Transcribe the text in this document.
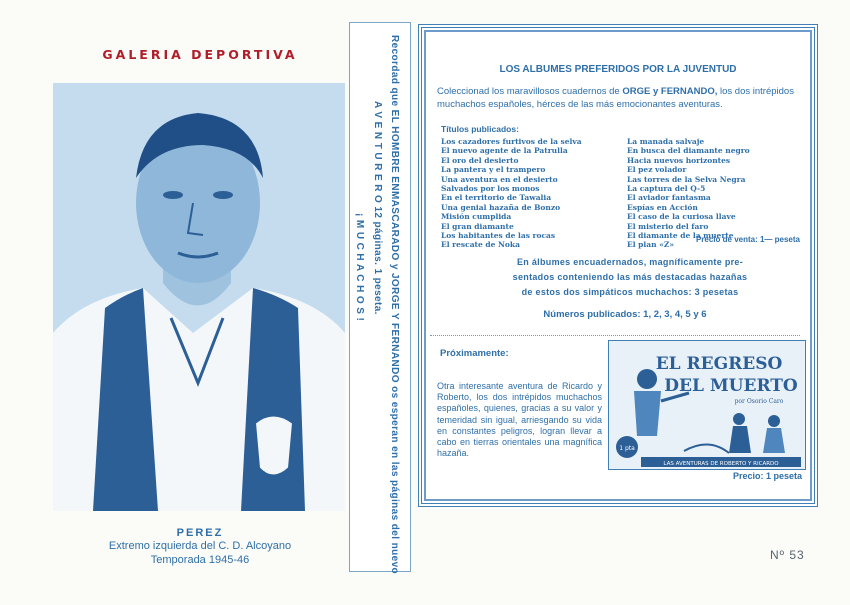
GALERIA DEPORTIVA
PEREZ
Extremo izquierda del C. D. Alcoyano
Temporada 1945-46	Recordad que EL HOMBRE ENMASCARADO y JORGE Y FERNANDO os esperan en las páginas del nuevo
A V E N T U R E R O 12 páginas. 1 peseta.
¡ M U C H A C H O S !
LOS ALBUMES PREFERIDOS POR LA JUVENTUD
Coleccionad los maravillosos cuadernos de ORGE y FERNANDO, los dos intrépidos muchachos españoles, hérces de las más emocionantes aventuras.
Títulos publicados:
Los cazadores furtivos de la selva
El nuevo agente de la Patrulla
El oro del desierto
La pantera y el trampero
Una aventura en el desierto
Salvados por los monos
En el territorio de Tawalia
Una genial hazaña de Bonzo
Misión cumplida
El gran diamante
Los habitantes de las rocas
El rescate de Noka
La manada salvaje
En busca del diamante negro
Hacia nuevos horizontes
El pez volador
Las torres de la Selva Negra
La captura del Q-5
El aviador fantasma
Espías en Acción
El caso de la curiosa llave
El misterio del faro
El diamante de la muerte
El plan «Z»
Precio de venta: 1— peseta
En álbumes encuadernados, magníficamente pre-
sentados conteniendo las más destacadas hazañas
de estos dos simpáticos muchachos: 3 pesetas
Números publicados: 1, 2, 3, 4, 5 y 6
Próximamente:
Otra interesante aventura de Ricardo y Roberto, los dos intrépidos muchachos españoles, quienes, gracias a su valor y temeridad sin igual, arriesgando su vida en constantes peligros, logran llevar a cabo en tierras orientales una magnífica hazaña.
EL REGRESO
DEL MUERTO
por Osorio Caro
1 pta
LAS AVENTURAS DE ROBERTO Y RICARDO
Precio: 1 peseta
Nº 53
